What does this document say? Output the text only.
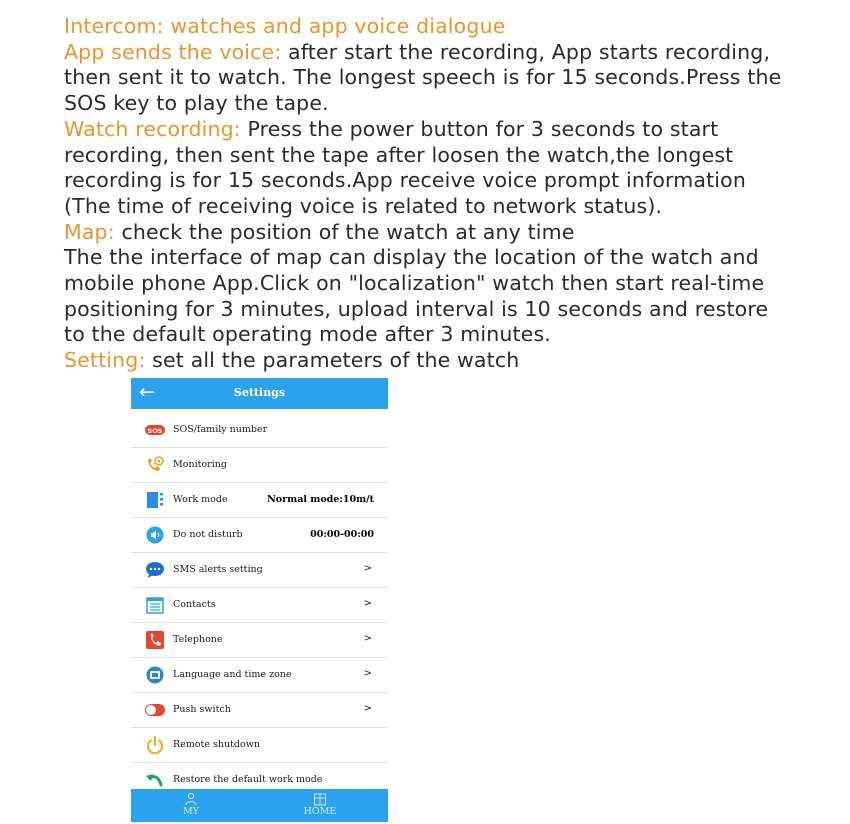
Intercom: watches and app voice dialogue

App sends the voice: after start the recording, App starts recording,

then sent it to watch. The longest speech is for 15 seconds.Press the

SOS key to play the tape.

Watch recording: Press the power button for 3 seconds to start

recording, then sent the tape after loosen the watch,the longest

recording is for 15 seconds.App receive voice prompt information

(The time of receiving voice is related to network status).

Map: check the position of the watch at any time

The the interface of map can display the location of the watch and

mobile phone App.Click on "localization" watch then start real-time

positioning for 3 minutes, upload interval is 10 seconds and restore

to the default operating mode after 3 minutes.

Setting: set all the parameters of the watch

←	Settings
SOS SOS/family number
Monitoring
Work mode	Normal mode:10m/t
Do not disturb	00:00-00:00
SMS alerts setting	>
Contacts	>
Telephone	>
Language and time zone	>
Push switch	>
Remote shutdown
Restore the default work mode
MY	HOME
